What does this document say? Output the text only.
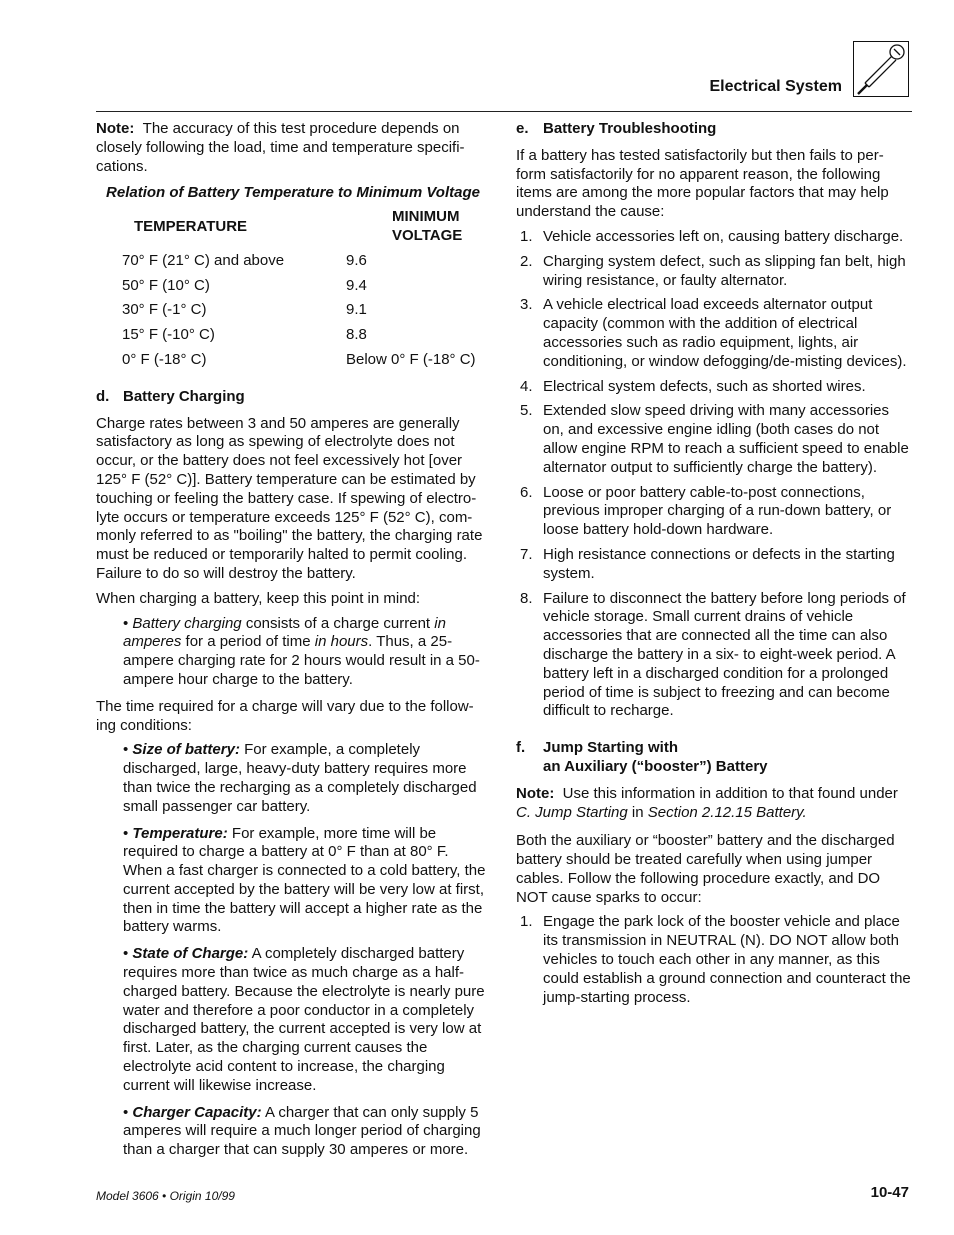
Electrical System

Note: The accuracy of this test procedure depends on closely following the load, time and temperature specifi-cations.

Relation of Battery Temperature to Minimum Voltage
TEMPERATURE	MINIMUM VOLTAGE
70° F (21° C) and above	9.6
50° F (10° C)	9.4
30° F (-1° C)	9.1
15° F (-10° C)	8.8
0° F (-18° C)	Below 0° F (-18° C)
d. Battery Charging

Charge rates between 3 and 50 amperes are generally satisfactory as long as spewing of electrolyte does not occur, or the battery does not feel excessively hot [over 125° F (52° C)]. Battery temperature can be estimated by touching or feeling the battery case. If spewing of electro-lyte occurs or temperature exceeds 125° F (52° C), com-monly referred to as "boiling" the battery, the charging rate must be reduced or temporarily halted to permit cooling. Failure to do so will destroy the battery.

When charging a battery, keep this point in mind:

• Battery charging consists of a charge current in amperes for a period of time in hours. Thus, a 25-ampere charging rate for 2 hours would result in a 50-ampere hour charge to the battery.

The time required for a charge will vary due to the follow-ing conditions:

• Size of battery: For example, a completely discharged, large, heavy-duty battery requires more than twice the recharging as a completely discharged small passenger car battery.
• Temperature: For example, more time will be required to charge a battery at 0° F than at 80° F. When a fast charger is connected to a cold battery, the current accepted by the battery will be very low at first, then in time the battery will accept a higher rate as the battery warms.
• State of Charge: A completely discharged battery requires more than twice as much charge as a half-charged battery. Because the electrolyte is nearly pure water and therefore a poor conductor in a completely discharged battery, the current accepted is very low at first. Later, as the charging current causes the electrolyte acid content to increase, the charging current will likewise increase.
• Charger Capacity: A charger that can only supply 5 amperes will require a much longer period of charging than a charger that can supply 30 amperes or more.
e. Battery Troubleshooting

If a battery has tested satisfactorily but then fails to per-form satisfactorily for no apparent reason, the following items are among the more popular factors that may help understand the cause:

1. Vehicle accessories left on, causing battery discharge.
2. Charging system defect, such as slipping fan belt, high wiring resistance, or faulty alternator.
3. A vehicle electrical load exceeds alternator output capacity (common with the addition of electrical accessories such as radio equipment, lights, air conditioning, or window defogging/de-misting devices).
4. Electrical system defects, such as shorted wires.
5. Extended slow speed driving with many accessories on, and excessive engine idling (both cases do not allow engine RPM to reach a sufficient speed to enable alternator output to sufficiently charge the battery).
6. Loose or poor battery cable-to-post connections, previous improper charging of a run-down battery, or loose battery hold-down hardware.
7. High resistance connections or defects in the starting system.
8. Failure to disconnect the battery before long periods of vehicle storage. Small current drains of vehicle accessories that are connected all the time can also discharge the battery in a six- to eight-week period. A battery left in a discharged condition for a prolonged period of time is subject to freezing and can become difficult to recharge.
f.	Jump Starting with
an Auxiliary (“booster”) Battery

Note: Use this information in addition to that found under C. Jump Starting in Section 2.12.15 Battery.

Both the auxiliary or “booster” battery and the discharged battery should be treated carefully when using jumper cables. Follow the following procedure exactly, and DO NOT cause sparks to occur:

1. Engage the park lock of the booster vehicle and place its transmission in NEUTRAL (N). DO NOT allow both vehicles to touch each other in any manner, as this could establish a ground connection and counteract the jump-starting process.
Model 3606 • Origin 10/99	10-47
